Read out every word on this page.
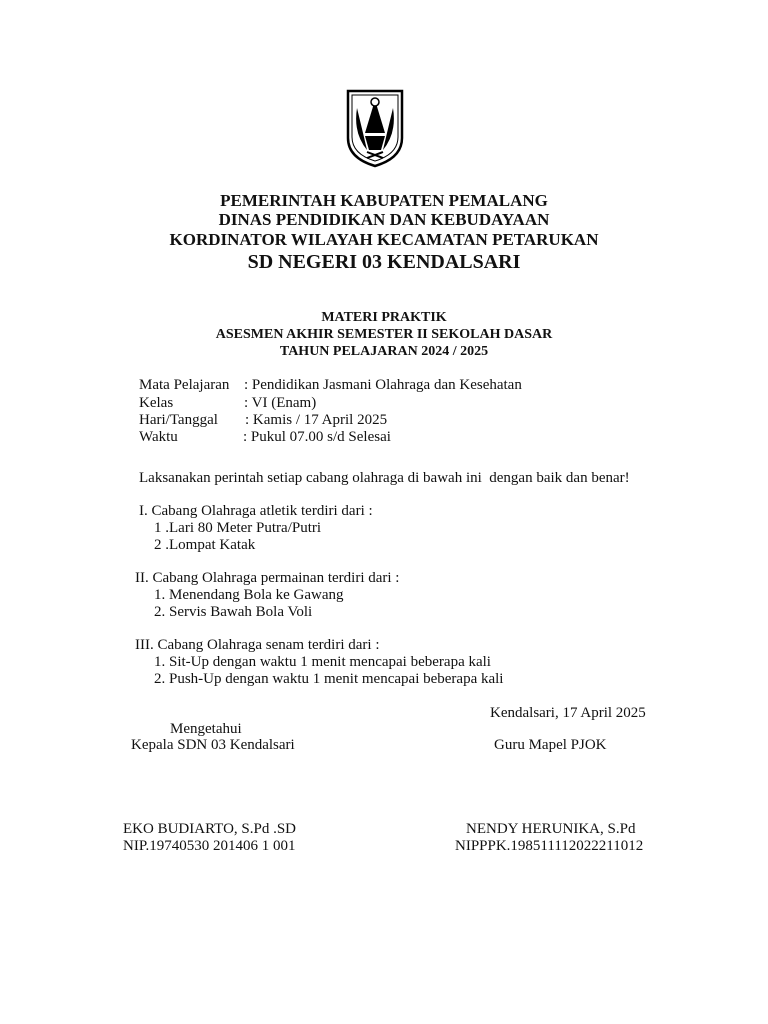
PEMERINTAH KABUPATEN PEMALANG
DINAS PENDIDIKAN DAN KEBUDAYAAN
KORDINATOR WILAYAH KECAMATAN PETARUKAN
SD NEGERI 03 KENDALSARI
MATERI PRAKTIK
ASESMEN AKHIR SEMESTER II SEKOLAH DASAR
TAHUN PELAJARAN 2024 / 2025
Mata Pelajaran : Pendidikan Jasmani Olahraga dan Kesehatan
Kelas	: VI (Enam)
Hari/Tanggal : Kamis / 17 April 2025
Waktu	: Pukul 07.00 s/d Selesai
Laksanakan perintah setiap cabang olahraga di bawah ini  dengan baik dan benar!
I. Cabang Olahraga atletik terdiri dari :
1 .Lari 80 Meter Putra/Putri
2 .Lompat Katak
II. Cabang Olahraga permainan terdiri dari :
1. Menendang Bola ke Gawang
2. Servis Bawah Bola Voli
III. Cabang Olahraga senam terdiri dari :
1. Sit-Up dengan waktu 1 menit mencapai beberapa kali
2. Push-Up dengan waktu 1 menit mencapai beberapa kali
Kendalsari, 17 April 2025
Mengetahui
Kepala SDN 03 Kendalsari	Guru Mapel PJOK
EKO BUDIARTO, S.Pd .SD	NENDY HERUNIKA, S.Pd
NIP.19740530 201406 1 001	NIPPPK.198511112022211012
